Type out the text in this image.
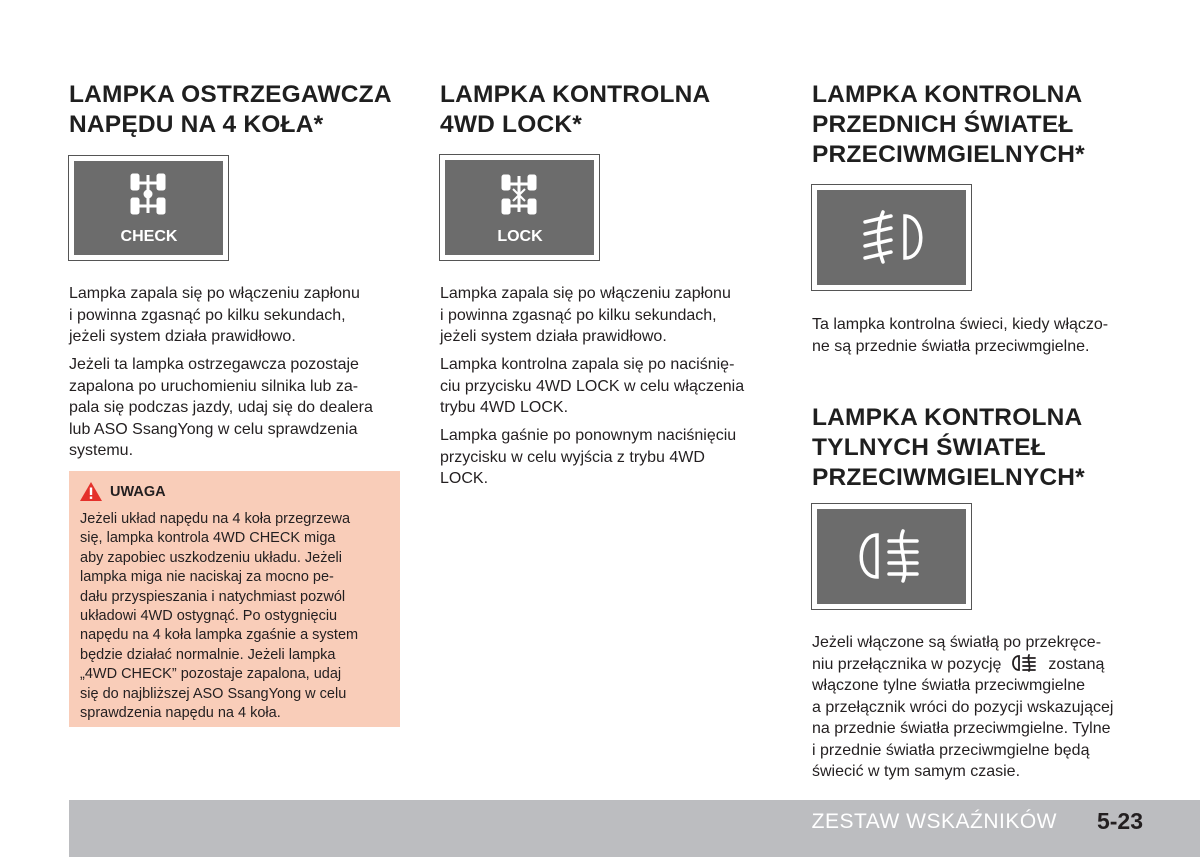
LAMPKA OSTRZEGAWCZA
NAPĘDU NA 4 KOŁA*
CHECK

Lampka zapala się po włączeniu zapłonu
i powinna zgasnąć po kilku sekundach,
jeżeli system działa prawidłowo.

Jeżeli ta lampka ostrzegawcza pozostaje
zapalona po uruchomieniu silnika lub za-
pala się podczas jazdy, udaj się do dealera
lub ASO SsangYong w celu sprawdzenia
systemu.

UWAGA
Jeżeli układ napędu na 4 koła przegrzewa
się, lampka kontrola 4WD CHECK miga
aby zapobiec uszkodzeniu układu. Jeżeli
lampka miga nie naciskaj za mocno pe-
dału przyspieszania i natychmiast pozwól
układowi 4WD ostygnąć. Po ostygnięciu
napędu na 4 koła lampka zgaśnie a system
będzie działać normalnie. Jeżeli lampka
„4WD CHECK” pozostaje zapalona, udaj
się do najbliższej ASO SsangYong w celu
sprawdzenia napędu na 4 koła.
LAMPKA KONTROLNA
4WD LOCK*
LOCK

Lampka zapala się po włączeniu zapłonu
i powinna zgasnąć po kilku sekundach,
jeżeli system działa prawidłowo.

Lampka kontrolna zapala się po naciśnię-
ciu przycisku 4WD LOCK w celu włączenia
trybu 4WD LOCK.

Lampka gaśnie po ponownym naciśnięciu
przycisku w celu wyjścia z trybu 4WD
LOCK.

LAMPKA KONTROLNA
PRZEDNICH ŚWIATEŁ
PRZECIWMGIELNYCH*

Ta lampka kontrolna świeci, kiedy włączo-
ne są przednie światła przeciwmgielne.

LAMPKA KONTROLNA
TYLNYCH ŚWIATEŁ
PRZECIWMGIELNYCH*

Jeżeli włączone są światłą po przekręce-
niu przełącznika w pozycję	zostaną
włączone tylne światła przeciwmgielne
a przełącznik wróci do pozycji wskazującej
na przednie światła przeciwmgielne. Tylne
i przednie światła przeciwmgielne będą
świecić w tym samym czasie.

ZESTAW WSKAŹNIKÓW 5-23
